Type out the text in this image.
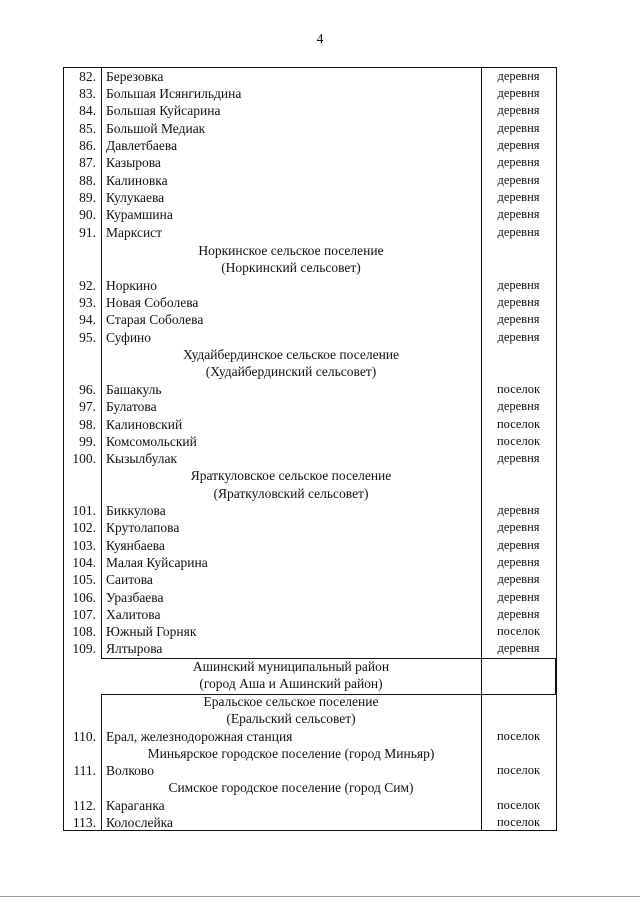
4
82. Березовка	деревня
83. Большая Исянгильдина	деревня
84. Большая Куйсарина	деревня
85. Большой Медиак	деревня
86. Давлетбаева	деревня
87. Казырова	деревня
88. Калиновка	деревня
89. Кулукаева	деревня
90. Курамшина	деревня
91. Марксист	деревня
Норкинское сельское поселение
(Норкинский сельсовет)
92. Норкино	деревня
93. Новая Соболева	деревня
94. Старая Соболева	деревня
95. Суфино	деревня
Худайбердинское сельское поселение
(Худайбердинский сельсовет)
96. Башакуль	поселок
97. Булатова	деревня
98. Калиновский	поселок
99. Комсомольский	поселок
100. Кызылбулак	деревня
Яраткуловское сельское поселение
(Яраткуловский сельсовет)
101. Биккулова	деревня
102. Крутолапова	деревня
103. Куянбаева	деревня
104. Малая Куйсарина	деревня
105. Саитова	деревня
106. Уразбаева	деревня
107. Халитова	деревня
108. Южный Горняк	поселок
109. Ялтырова	деревня
Ашинский муниципальный район
(город Аша и Ашинский район)
Еральское сельское поселение
(Еральский сельсовет)
110. Ерал, железнодорожная станция	поселок
Миньярское городское поселение (город Миньяр)
111. Волково	поселок
Симское городское поселение (город Сим)
112. Караганка	поселок
113. Колослейка	поселок
